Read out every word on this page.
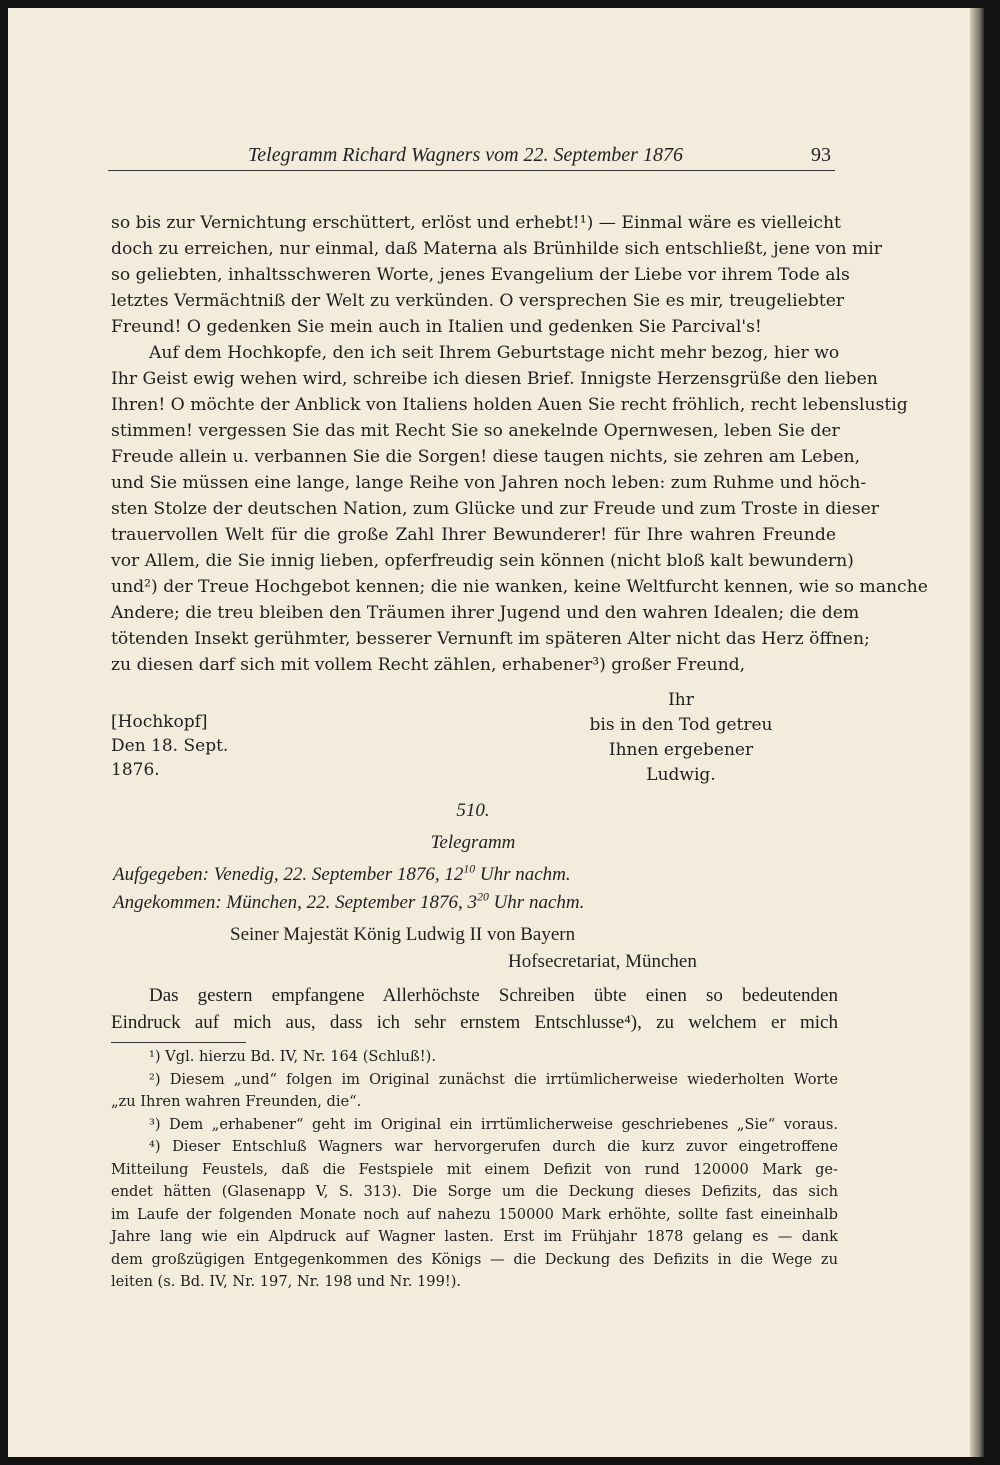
Telegramm Richard Wagners vom 22. September 1876	93
so bis zur Vernichtung erschüttert, erlöst und erhebt!¹) — Einmal wäre es vielleicht
doch zu erreichen, nur einmal, daß Materna als Brünhilde sich entschließt, jene von mir
so geliebten, inhaltsschweren Worte, jenes Evangelium der Liebe vor ihrem Tode als
letztes Vermächtniß der Welt zu verkünden. O versprechen Sie es mir, treugeliebter
Freund! O gedenken Sie mein auch in Italien und gedenken Sie Parcival's!
Auf dem Hochkopfe, den ich seit Ihrem Geburtstage nicht mehr bezog, hier wo
Ihr Geist ewig wehen wird, schreibe ich diesen Brief. Innigste Herzensgrüße den lieben
Ihren! O möchte der Anblick von Italiens holden Auen Sie recht fröhlich, recht lebenslustig
stimmen! vergessen Sie das mit Recht Sie so anekelnde Opernwesen, leben Sie der
Freude allein u. verbannen Sie die Sorgen! diese taugen nichts, sie zehren am Leben,
und Sie müssen eine lange, lange Reihe von Jahren noch leben: zum Ruhme und höch-
sten Stolze der deutschen Nation, zum Glücke und zur Freude und zum Troste in dieser
trauervollen Welt für die große Zahl Ihrer Bewunderer! für Ihre wahren Freunde
vor Allem, die Sie innig lieben, opferfreudig sein können (nicht bloß kalt bewundern)
und²) der Treue Hochgebot kennen; die nie wanken, keine Weltfurcht kennen, wie so manche
Andere; die treu bleiben den Träumen ihrer Jugend und den wahren Idealen; die dem
tötenden Insekt gerühmter, besserer Vernunft im späteren Alter nicht das Herz öffnen;
zu diesen darf sich mit vollem Recht zählen, erhabener³) großer Freund,
[Hochkopf]
Den 18. Sept.
1876.
Ihr
bis in den Tod getreu
Ihnen ergebener
Ludwig.
510.
Telegramm
Aufgegeben: Venedig, 22. September 1876, $12^{10}$ Uhr nachm.
Angekommen: München, 22. September 1876, $3^{20}$ Uhr nachm.
Seiner Majestät König Ludwig II von Bayern
Hofsecretariat, München
Das gestern empfangene Allerhöchste Schreiben übte einen so bedeutenden
Eindruck auf mich aus, dass ich sehr ernstem Entschlusse⁴), zu welchem er mich
¹) Vgl. hierzu Bd. IV, Nr. 164 (Schluß!).
²) Diesem „und“ folgen im Original zunächst die irrtümlicherweise wiederholten Worte
„zu Ihren wahren Freunden, die“.
³) Dem „erhabener“ geht im Original ein irrtümlicherweise geschriebenes „Sie“ voraus.
⁴) Dieser Entschluß Wagners war hervorgerufen durch die kurz zuvor eingetroffene
Mitteilung Feustels, daß die Festspiele mit einem Defizit von rund 120000 Mark ge-
endet hätten (Glasenapp V, S. 313). Die Sorge um die Deckung dieses Defizits, das sich
im Laufe der folgenden Monate noch auf nahezu 150000 Mark erhöhte, sollte fast eineinhalb
Jahre lang wie ein Alpdruck auf Wagner lasten. Erst im Frühjahr 1878 gelang es — dank
dem großzügigen Entgegenkommen des Königs — die Deckung des Defizits in die Wege zu
leiten (s. Bd. IV, Nr. 197, Nr. 198 und Nr. 199!).
